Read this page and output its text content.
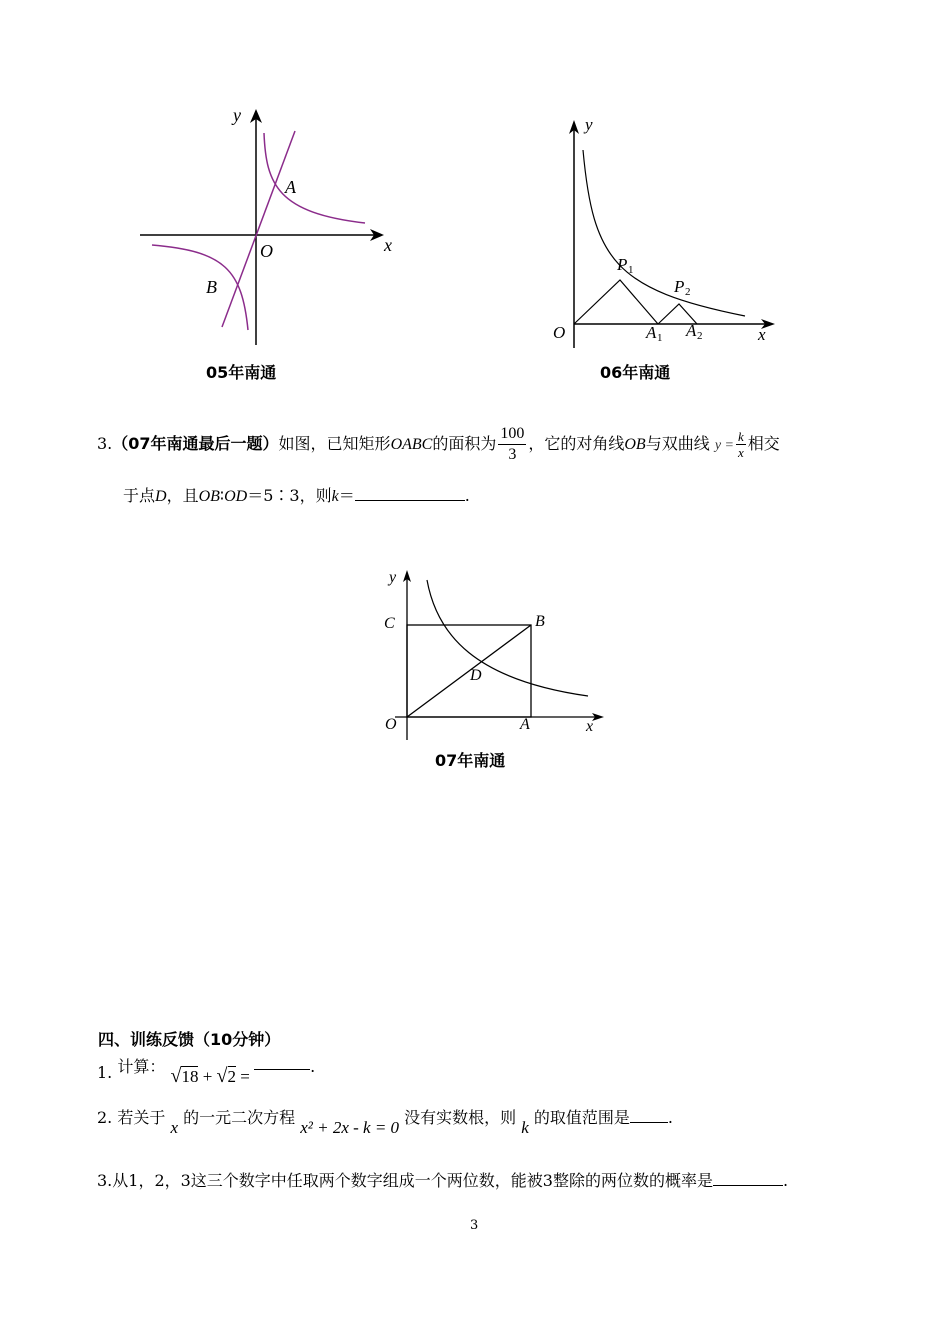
y
x
O
A
B
05年南通
y
x
O
P 1
P 2
A 1 A 2
06年南通
3.（07年南通最后一题）如图，已知矩形OABC的面积为 $\frac{100}{3}$ ，它的对角线OB与双曲线 $y = \frac{k}{x}$ 相交
于点D，且OB∶OD＝5∶3，则k＝	.
y
x
O	A
B
C
D
07年南通
四、训练反馈（10分钟）
1. 计算： √18 + √2 = .
2. 若关于 x 的一元二次方程 x² + 2x - k = 0 没有实数根，则 k 的取值范围是 .
3.从1，2，3这三个数字中任取两个数字组成一个两位数，能被3整除的两位数的概率是	.
3
